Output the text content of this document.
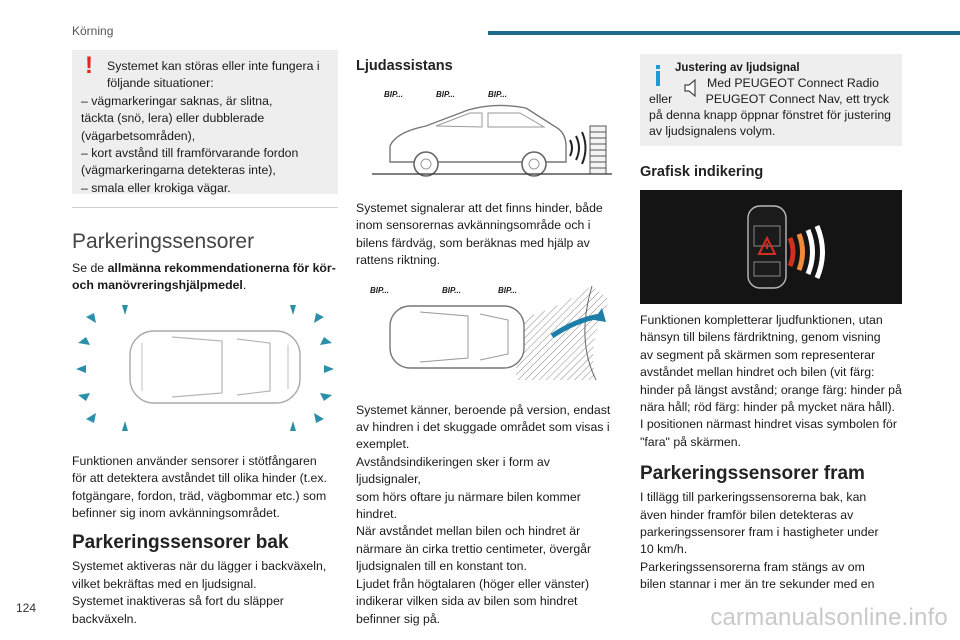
Körning
!	Systemet kan störas eller inte fungera i
följande situationer:
– vägmarkeringar saknas, är slitna,
täckta (snö, lera) eller dubblerade
(vägarbetsområden),
– kort avstånd till framförvarande fordon
(vägmarkeringarna detekteras inte),
– smala eller krokiga vägar.
Parkeringssensorer

Se de allmänna rekommendationerna för kör-
och manövreringshjälpmedel.

Funktionen använder sensorer i stötfångaren
för att detektera avståndet till olika hinder (t.ex.
fotgängare, fordon, träd, vägbommar etc.) som
befinner sig inom avkänningsområdet.

Parkeringssensorer bak

Systemet aktiveras när du lägger i backväxeln,
vilket bekräftas med en ljudsignal.
Systemet inaktiveras så fort du släpper
backväxeln.

Ljudassistans
BIP...	BIP...	BIP...

Systemet signalerar att det finns hinder, både
inom sensorernas avkänningsområde och i
bilens färdväg, som beräknas med hjälp av
rattens riktning.

BIP...	BIP...	BIP...

Systemet känner, beroende på version, endast
av hindren i det skuggade området som visas i
exemplet.
Avståndsindikeringen sker i form av ljudsignaler,
som hörs oftare ju närmare bilen kommer
hindret.
När avståndet mellan bilen och hindret är
närmare än cirka trettio centimeter, övergår
ljudsignalen till en konstant ton.
Ljudet från högtalaren (höger eller vänster)
indikerar vilken sida av bilen som hindret
befinner sig på.

Justering av ljudsignal
Med PEUGEOT Connect Radio
eller	PEUGEOT Connect Nav, ett tryck
på denna knapp öppnar fönstret för justering
av ljudsignalens volym.
Grafisk indikering

Funktionen kompletterar ljudfunktionen, utan
hänsyn till bilens färdriktning, genom visning
av segment på skärmen som representerar
avståndet mellan hindret och bilen (vit färg:
hinder på längst avstånd; orange färg: hinder på
nära håll; röd färg: hinder på mycket nära håll).
I positionen närmast hindret visas symbolen för
"fara" på skärmen.

Parkeringssensorer fram

I tillägg till parkeringssensorerna bak, kan
även hinder framför bilen detekteras av
parkeringssensorer fram i hastigheter under
10 km/h.
Parkeringssensorerna fram stängs av om
bilen stannar i mer än tre sekunder med en

124	carmanualsonline.info
